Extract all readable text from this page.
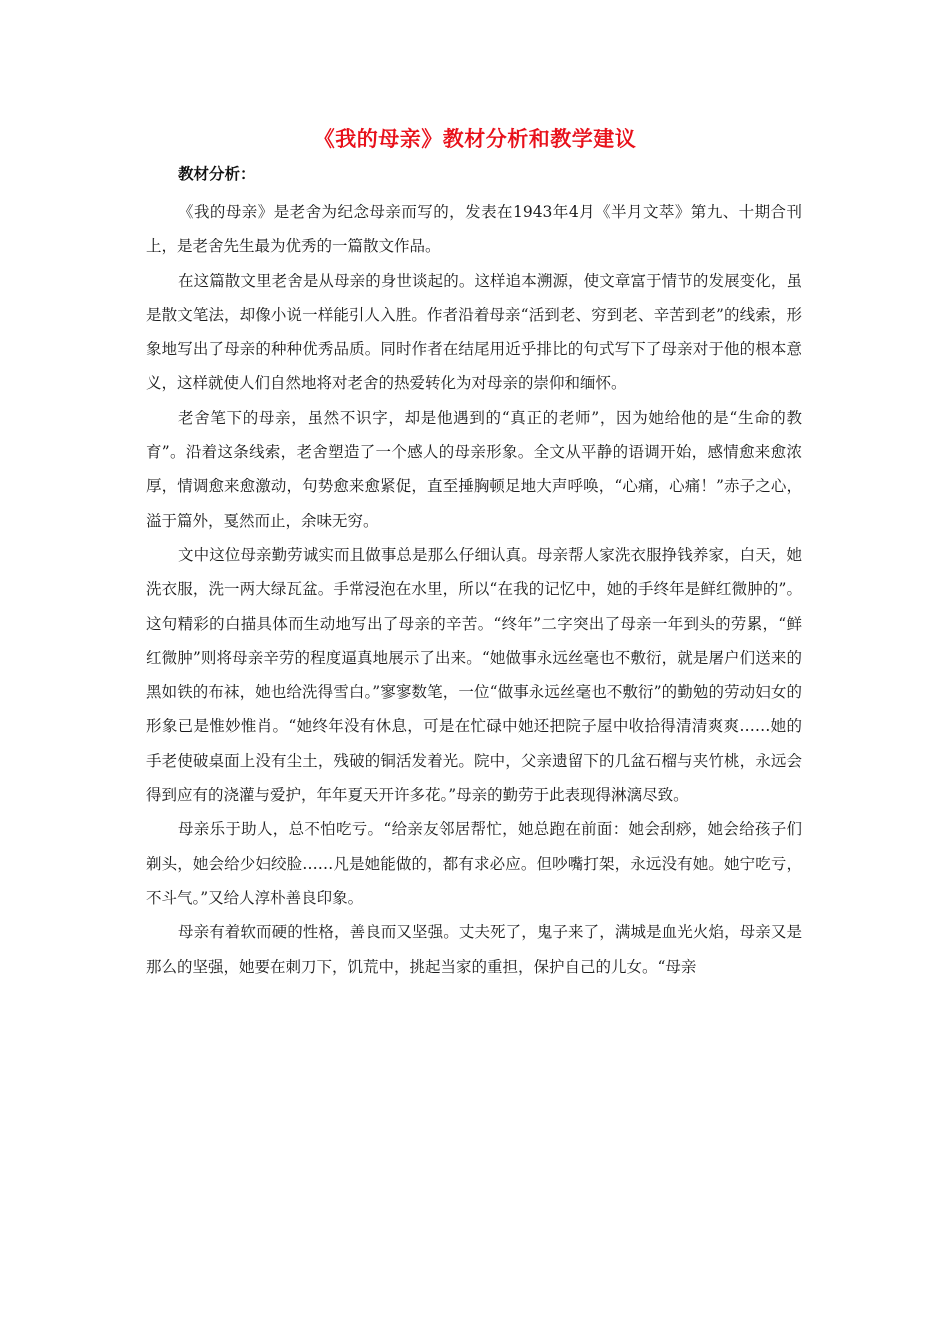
《我的母亲》教材分析和教学建议
教材分析：

《我的母亲》是老舍为纪念母亲而写的，发表在1943年4月《半月文萃》第九、十期合刊上，是老舍先生最为优秀的一篇散文作品。

在这篇散文里老舍是从母亲的身世谈起的。这样追本溯源，使文章富于情节的发展变化，虽是散文笔法，却像小说一样能引人入胜。作者沿着母亲“活到老、穷到老、辛苦到老”的线索，形象地写出了母亲的种种优秀品质。同时作者在结尾用近乎排比的句式写下了母亲对于他的根本意义，这样就使人们自然地将对老舍的热爱转化为对母亲的崇仰和缅怀。

老舍笔下的母亲，虽然不识字，却是他遇到的“真正的老师”，因为她给他的是“生命的教育”。沿着这条线索，老舍塑造了一个感人的母亲形象。全文从平静的语调开始，感情愈来愈浓厚，情调愈来愈激动，句势愈来愈紧促，直至捶胸顿足地大声呼唤，“心痛，心痛！”赤子之心，溢于篇外，戛然而止，余味无穷。

文中这位母亲勤劳诚实而且做事总是那么仔细认真。母亲帮人家洗衣服挣钱养家，白天，她洗衣服，洗一两大绿瓦盆。手常浸泡在水里，所以“在我的记忆中，她的手终年是鲜红微肿的”。这句精彩的白描具体而生动地写出了母亲的辛苦。“终年”二字突出了母亲一年到头的劳累，“鲜红微肿”则将母亲辛劳的程度逼真地展示了出来。“她做事永远丝毫也不敷衍，就是屠户们送来的黑如铁的布袜，她也给洗得雪白。”寥寥数笔，一位“做事永远丝毫也不敷衍”的勤勉的劳动妇女的形象已是惟妙惟肖。“她终年没有休息，可是在忙碌中她还把院子屋中收拾得清清爽爽……她的手老使破桌面上没有尘土，残破的铜活发着光。院中，父亲遗留下的几盆石榴与夹竹桃，永远会得到应有的浇灌与爱护，年年夏天开许多花。”母亲的勤劳于此表现得淋漓尽致。

母亲乐于助人，总不怕吃亏。“给亲友邻居帮忙，她总跑在前面：她会刮痧，她会给孩子们剃头，她会给少妇绞脸……凡是她能做的，都有求必应。但吵嘴打架，永远没有她。她宁吃亏，不斗气。”又给人淳朴善良印象。

母亲有着软而硬的性格，善良而又坚强。丈夫死了，鬼子来了，满城是血光火焰，母亲又是那么的坚强，她要在刺刀下，饥荒中，挑起当家的重担，保护自己的儿女。“母亲
